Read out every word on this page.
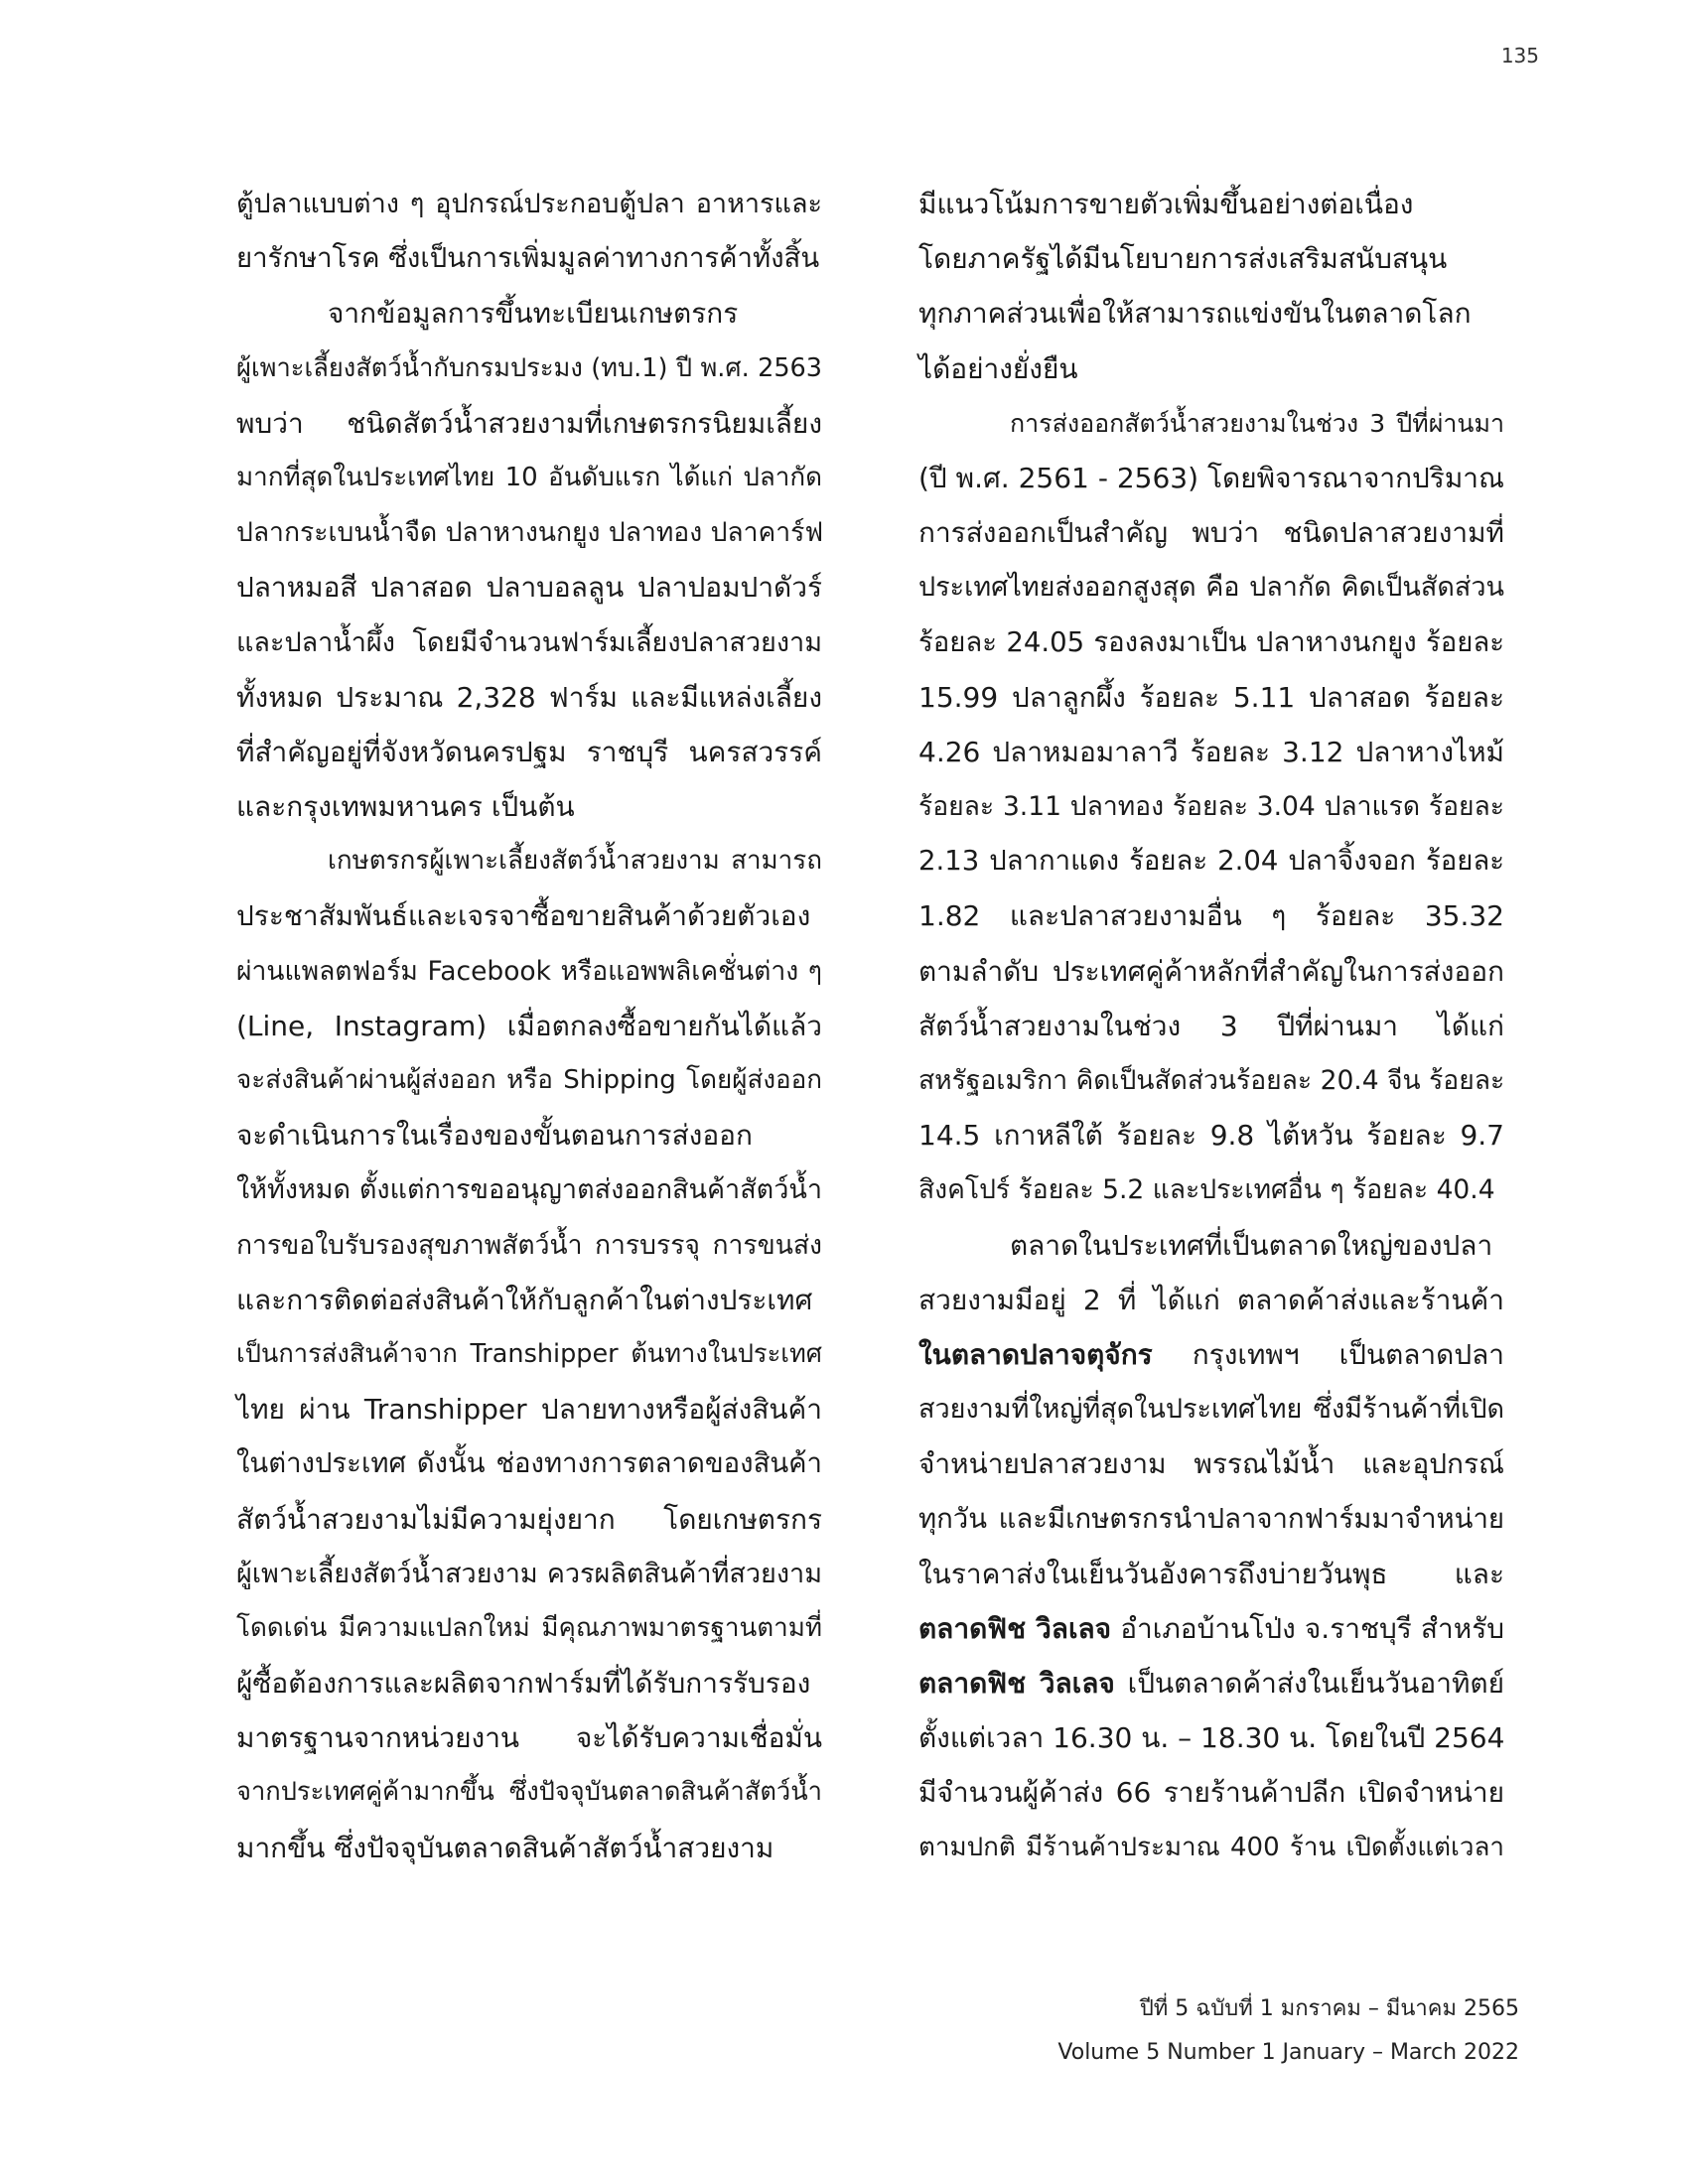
135
ตู้ปลาแบบต่าง ๆ อุปกรณ์ประกอบตู้ปลา อาหารและ
ยารักษาโรค ซึ่งเป็นการเพิ่มมูลค่าทางการค้าทั้งสิ้น
จากข้อมูลการขึ้นทะเบียนเกษตรกร
ผู้เพาะเลี้ยงสัตว์น้ำกับกรมประมง (ทบ.1) ปี พ.ศ. 2563
พบว่า ชนิดสัตว์น้ำสวยงามที่เกษตรกรนิยมเลี้ยง
มากที่สุดในประเทศไทย 10 อันดับแรก ได้แก่ ปลากัด
ปลากระเบนน้ำจืด ปลาหางนกยูง ปลาทอง ปลาคาร์ฟ
ปลาหมอสี ปลาสอด ปลาบอลลูน ปลาปอมปาดัวร์
และปลาน้ำผึ้ง โดยมีจำนวนฟาร์มเลี้ยงปลาสวยงาม
ทั้งหมด ประมาณ 2,328 ฟาร์ม และมีแหล่งเลี้ยง
ที่สำคัญอยู่ที่จังหวัดนครปฐม ราชบุรี นครสวรรค์
และกรุงเทพมหานคร เป็นต้น
เกษตรกรผู้เพาะเลี้ยงสัตว์น้ำสวยงาม สามารถ
ประชาสัมพันธ์และเจรจาซื้อขายสินค้าด้วยตัวเอง
ผ่านแพลตฟอร์ม Facebook หรือแอพพลิเคชั่นต่าง ๆ
(Line, Instagram) เมื่อตกลงซื้อขายกันได้แล้ว
จะส่งสินค้าผ่านผู้ส่งออก หรือ Shipping โดยผู้ส่งออก
จะดำเนินการในเรื่องของขั้นตอนการส่งออก
ให้ทั้งหมด ตั้งแต่การขออนุญาตส่งออกสินค้าสัตว์น้ำ
การขอใบรับรองสุขภาพสัตว์น้ำ การบรรจุ การขนส่ง
และการติดต่อส่งสินค้าให้กับลูกค้าในต่างประเทศ
เป็นการส่งสินค้าจาก Transhipper ต้นทางในประเทศ
ไทย ผ่าน Transhipper ปลายทางหรือผู้ส่งสินค้า
ในต่างประเทศ ดังนั้น ช่องทางการตลาดของสินค้า
สัตว์น้ำสวยงามไม่มีความยุ่งยาก โดยเกษตรกร
ผู้เพาะเลี้ยงสัตว์น้ำสวยงาม ควรผลิตสินค้าที่สวยงาม
โดดเด่น มีความแปลกใหม่ มีคุณภาพมาตรฐานตามที่
ผู้ซื้อต้องการและผลิตจากฟาร์มที่ได้รับการรับรอง
มาตรฐานจากหน่วยงาน จะได้รับความเชื่อมั่น
จากประเทศคู่ค้ามากขึ้น ซึ่งปัจจุบันตลาดสินค้าสัตว์น้ำ
มากขึ้น ซึ่งปัจจุบันตลาดสินค้าสัตว์น้ำสวยงาม
มีแนวโน้มการขายตัวเพิ่มขึ้นอย่างต่อเนื่อง
โดยภาครัฐได้มีนโยบายการส่งเสริมสนับสนุน
ทุกภาคส่วนเพื่อให้สามารถแข่งขันในตลาดโลก
ได้อย่างยั่งยืน
การส่งออกสัตว์น้ำสวยงามในช่วง 3 ปีที่ผ่านมา
(ปี พ.ศ. 2561 - 2563) โดยพิจารณาจากปริมาณ
การส่งออกเป็นสำคัญ พบว่า ชนิดปลาสวยงามที่
ประเทศไทยส่งออกสูงสุด คือ ปลากัด คิดเป็นสัดส่วน
ร้อยละ 24.05 รองลงมาเป็น ปลาหางนกยูง ร้อยละ
15.99 ปลาลูกผึ้ง ร้อยละ 5.11 ปลาสอด ร้อยละ
4.26 ปลาหมอมาลาวี ร้อยละ 3.12 ปลาหางไหม้
ร้อยละ 3.11 ปลาทอง ร้อยละ 3.04 ปลาแรด ร้อยละ
2.13 ปลากาแดง ร้อยละ 2.04 ปลาจิ้งจอก ร้อยละ
1.82 และปลาสวยงามอื่น ๆ ร้อยละ 35.32
ตามลำดับ ประเทศคู่ค้าหลักที่สำคัญในการส่งออก
สัตว์น้ำสวยงามในช่วง 3 ปีที่ผ่านมา ได้แก่
สหรัฐอเมริกา คิดเป็นสัดส่วนร้อยละ 20.4 จีน ร้อยละ
14.5 เกาหลีใต้ ร้อยละ 9.8 ไต้หวัน ร้อยละ 9.7
สิงคโปร์ ร้อยละ 5.2 และประเทศอื่น ๆ ร้อยละ 40.4
ตลาดในประเทศที่เป็นตลาดใหญ่ของปลา
สวยงามมีอยู่ 2 ที่ ได้แก่ ตลาดค้าส่งและร้านค้า
ในตลาดปลาจตุจักร กรุงเทพฯ เป็นตลาดปลา
สวยงามที่ใหญ่ที่สุดในประเทศไทย ซึ่งมีร้านค้าที่เปิด
จำหน่ายปลาสวยงาม พรรณไม้น้ำ และอุปกรณ์
ทุกวัน และมีเกษตรกรนำปลาจากฟาร์มมาจำหน่าย
ในราคาส่งในเย็นวันอังคารถึงบ่ายวันพุธ และ
ตลาดฟิช วิลเลจ อำเภอบ้านโป่ง จ.ราชบุรี สำหรับ
ตลาดฟิช วิลเลจ เป็นตลาดค้าส่งในเย็นวันอาทิตย์
ตั้งแต่เวลา 16.30 น. – 18.30 น. โดยในปี 2564
มีจำนวนผู้ค้าส่ง 66 รายร้านค้าปลีก เปิดจำหน่าย
ตามปกติ มีร้านค้าประมาณ 400 ร้าน เปิดตั้งแต่เวลา
ปีที่ 5 ฉบับที่ 1 มกราคม – มีนาคม 2565
Volume 5 Number 1 January – March 2022
